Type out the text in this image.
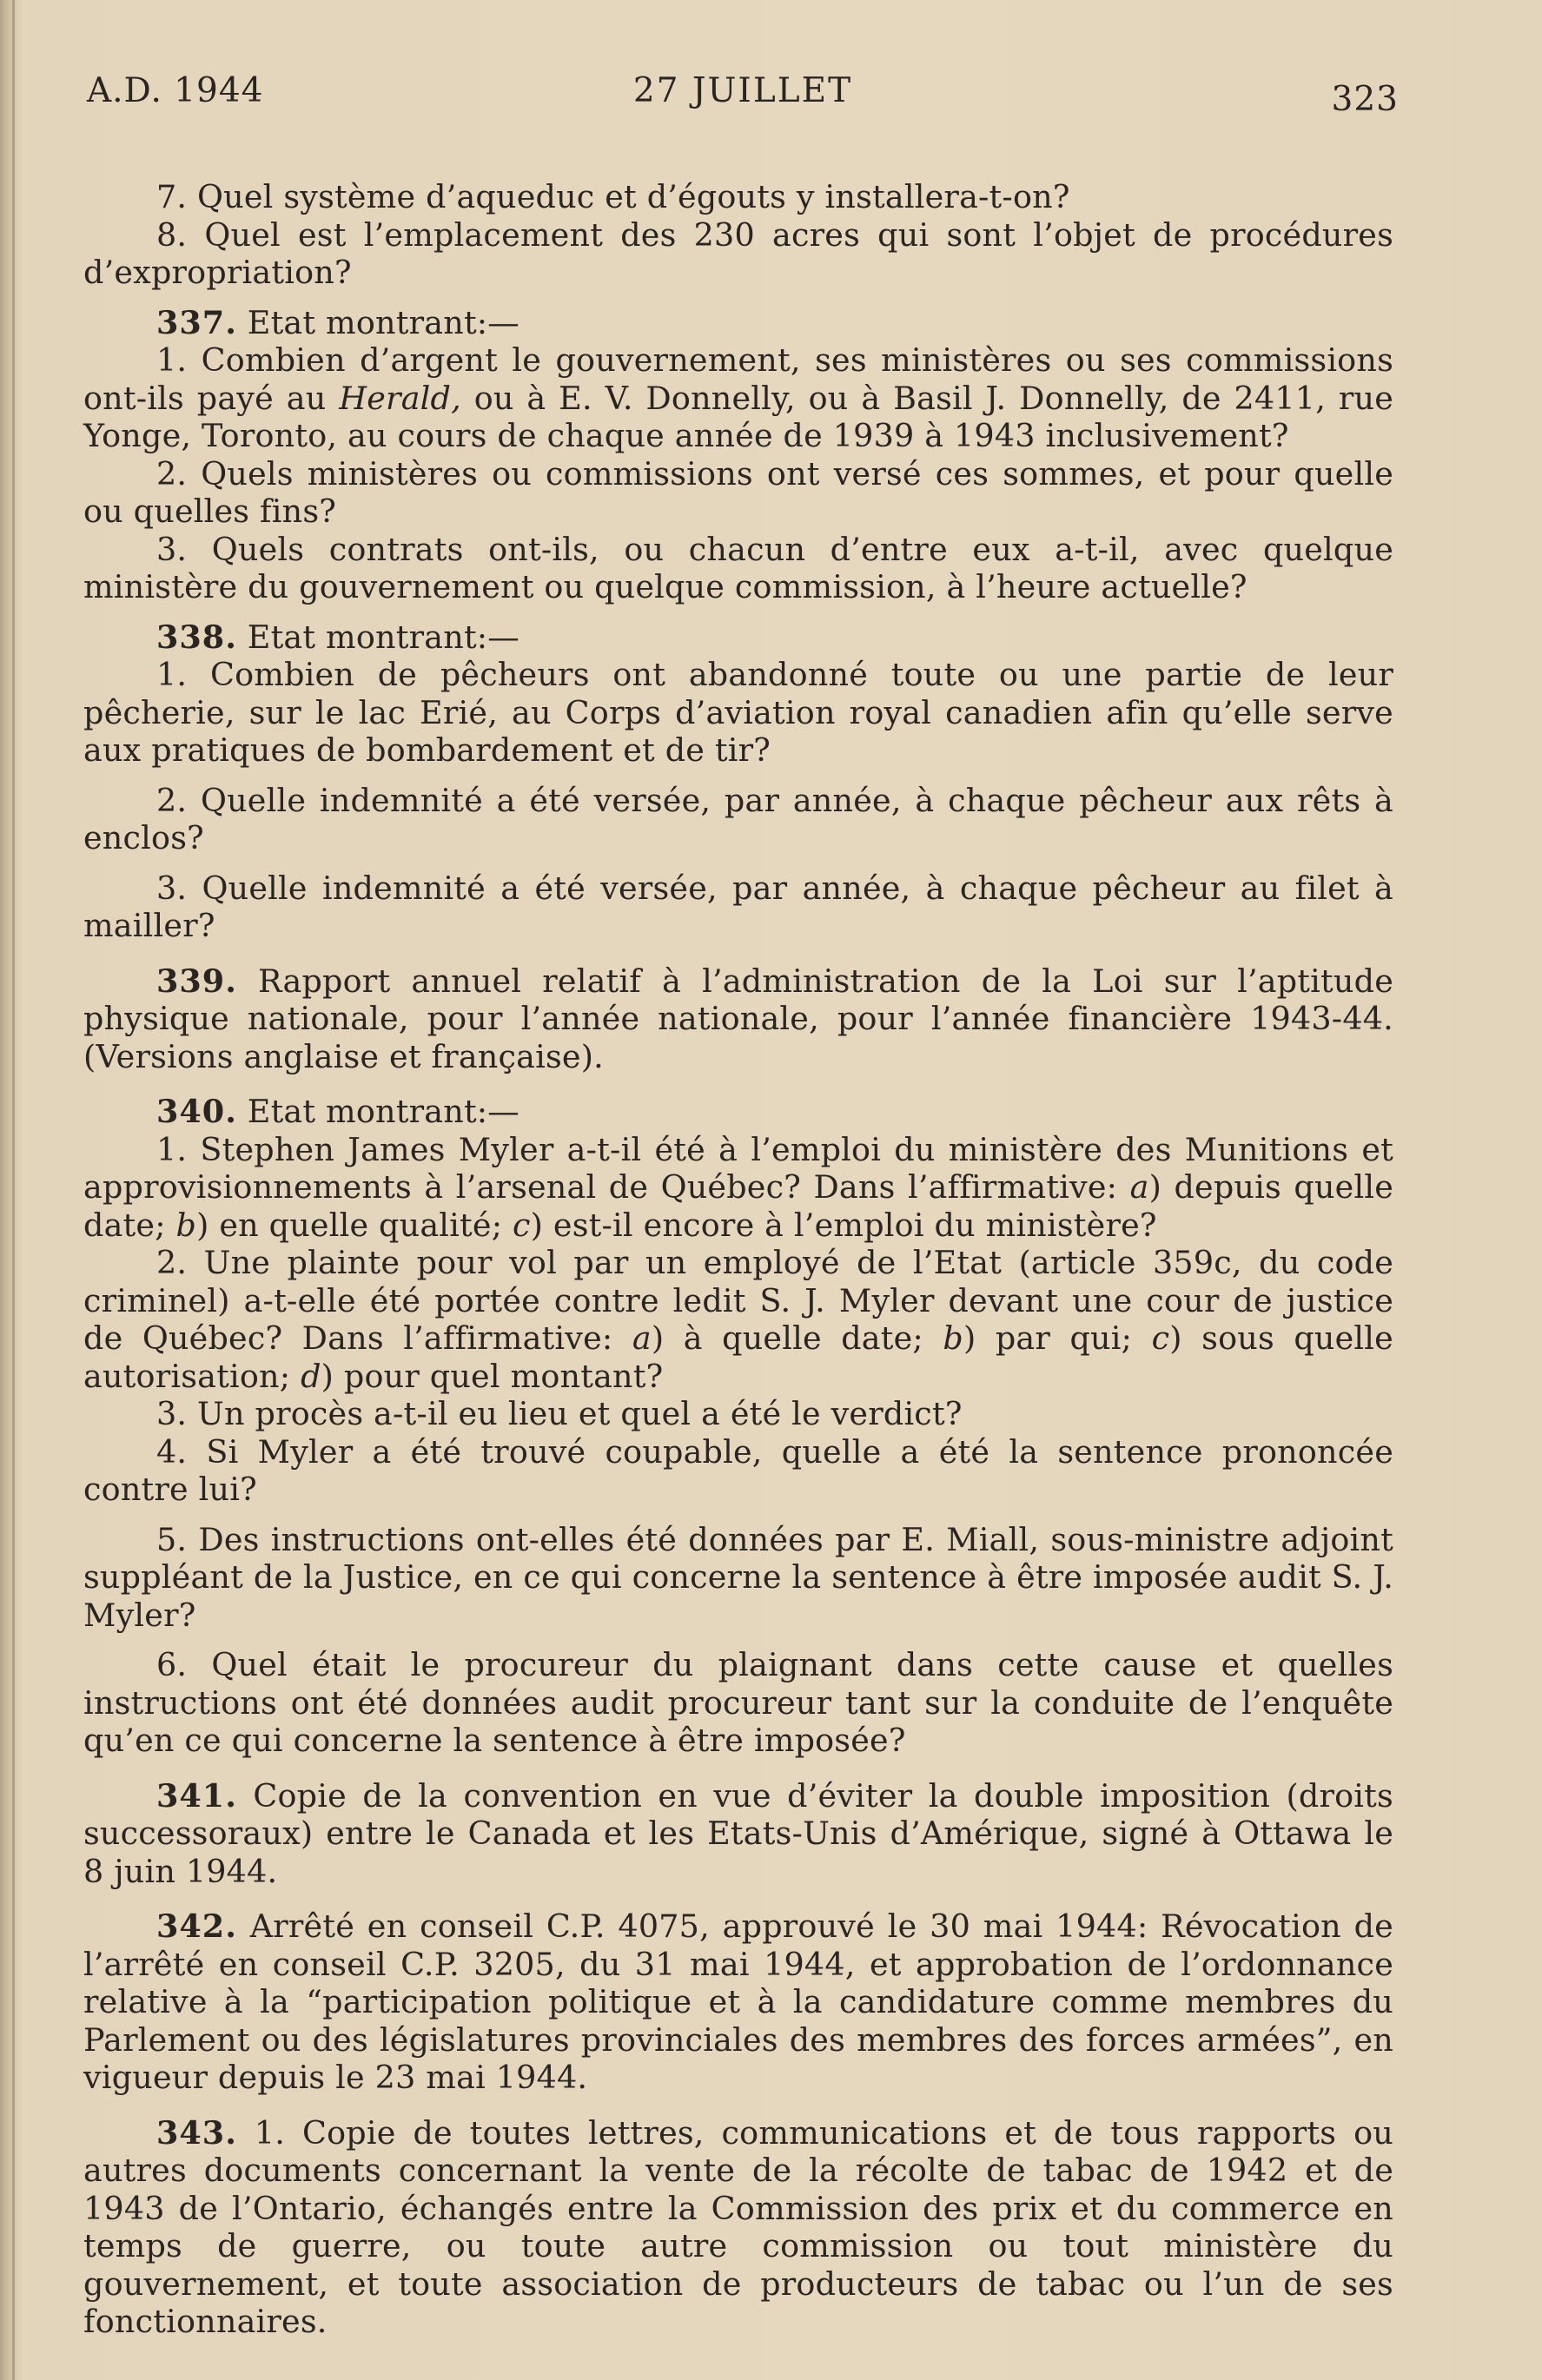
A.D. 1944	27 JUILLET	323

7. Quel système d’aqueduc et d’égouts y installera-t-on?

8. Quel est l’emplacement des 230 acres qui sont l’objet de procédures d’expropriation?

337. Etat montrant:—

1. Combien d’argent le gouvernement, ses ministères ou ses commissions ont-ils payé au Herald, ou à E. V. Donnelly, ou à Basil J. Donnelly, de 2411, rue Yonge, Toronto, au cours de chaque année de 1939 à 1943 inclusivement?

2. Quels ministères ou commissions ont versé ces sommes, et pour quelle ou quelles fins?

3. Quels contrats ont-ils, ou chacun d’entre eux a-t-il, avec quelque ministère du gouvernement ou quelque commission, à l’heure actuelle?

338. Etat montrant:—

1. Combien de pêcheurs ont abandonné toute ou une partie de leur pêcherie, sur le lac Erié, au Corps d’aviation royal canadien afin qu’elle serve aux pratiques de bombardement et de tir?

2. Quelle indemnité a été versée, par année, à chaque pêcheur aux rêts à enclos?

3. Quelle indemnité a été versée, par année, à chaque pêcheur au filet à mailler?

339. Rapport annuel relatif à l’administration de la Loi sur l’aptitude physique nationale, pour l’année nationale, pour l’année financière 1943-44. (Versions anglaise et française).

340. Etat montrant:—

1. Stephen James Myler a-t-il été à l’emploi du ministère des Munitions et approvisionnements à l’arsenal de Québec? Dans l’affirmative: a) depuis quelle date; b) en quelle qualité; c) est-il encore à l’emploi du ministère?

2. Une plainte pour vol par un employé de l’Etat (article 359c, du code criminel) a-t-elle été portée contre ledit S. J. Myler devant une cour de justice de Québec? Dans l’affirmative: a) à quelle date; b) par qui; c) sous quelle autorisation; d) pour quel montant?

3. Un procès a-t-il eu lieu et quel a été le verdict?

4. Si Myler a été trouvé coupable, quelle a été la sentence prononcée contre lui?

5. Des instructions ont-elles été données par E. Miall, sous-ministre adjoint suppléant de la Justice, en ce qui concerne la sentence à être imposée audit S. J. Myler?

6. Quel était le procureur du plaignant dans cette cause et quelles instructions ont été données audit procureur tant sur la conduite de l’enquête qu’en ce qui concerne la sentence à être imposée?

341. Copie de la convention en vue d’éviter la double imposition (droits successoraux) entre le Canada et les Etats-Unis d’Amérique, signé à Ottawa le 8 juin 1944.

342. Arrêté en conseil C.P. 4075, approuvé le 30 mai 1944: Révocation de l’arrêté en conseil C.P. 3205, du 31 mai 1944, et approbation de l’ordonnance relative à la “participation politique et à la candidature comme membres du Parlement ou des législatures provinciales des membres des forces armées”, en vigueur depuis le 23 mai 1944.

343. 1. Copie de toutes lettres, communications et de tous rapports ou autres documents concernant la vente de la récolte de tabac de 1942 et de 1943 de l’Ontario, échangés entre la Commission des prix et du commerce en temps de guerre, ou toute autre commission ou tout ministère du gouvernement, et toute association de producteurs de tabac ou l’un de ses fonctionnaires.
